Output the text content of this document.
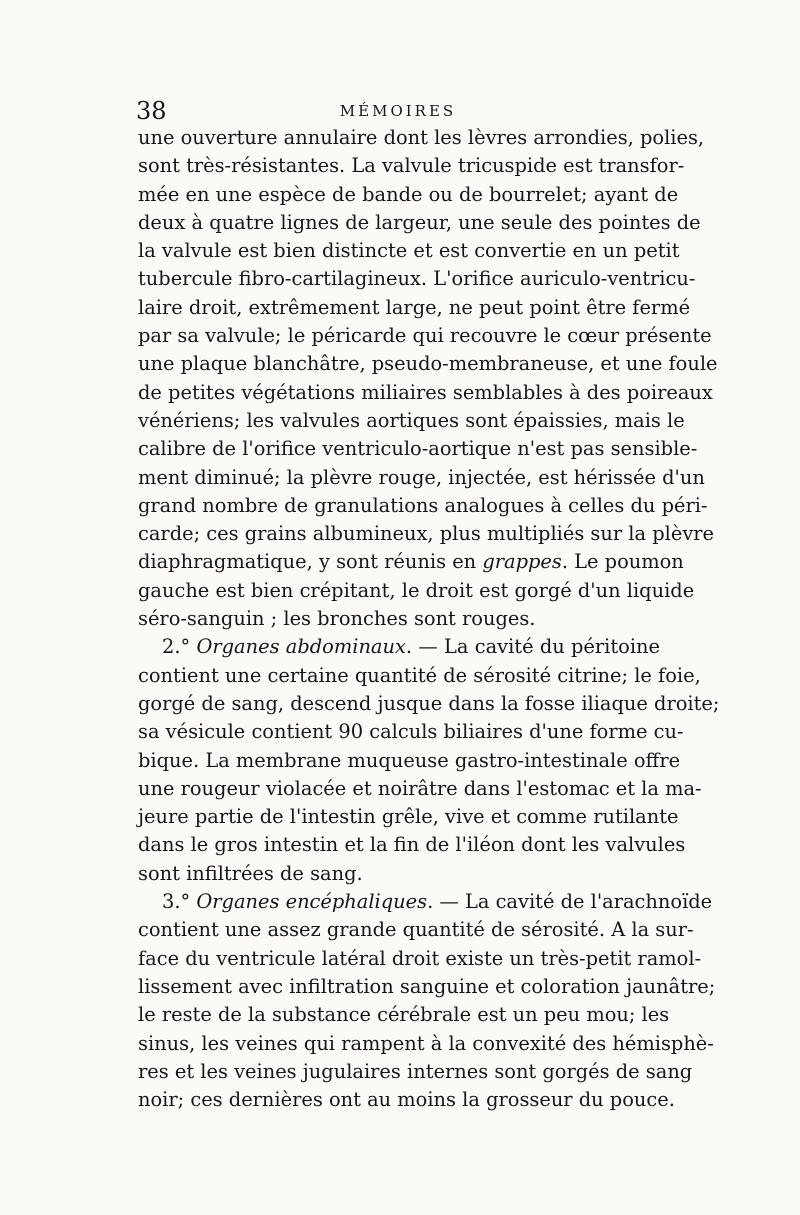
38	MÉMOIRES
une ouverture annulaire dont les lèvres arrondies, polies,
sont très-résistantes. La valvule tricuspide est transfor-
mée en une espèce de bande ou de bourrelet; ayant de
deux à quatre lignes de largeur, une seule des pointes de
la valvule est bien distincte et est convertie en un petit
tubercule fibro-cartilagineux. L'orifice auriculo-ventricu-
laire droit, extrêmement large, ne peut point être fermé
par sa valvule; le péricarde qui recouvre le cœur présente
une plaque blanchâtre, pseudo-membraneuse, et une foule
de petites végétations miliaires semblables à des poireaux
vénériens; les valvules aortiques sont épaissies, mais le
calibre de l'orifice ventriculo-aortique n'est pas sensible-
ment diminué; la plèvre rouge, injectée, est hérissée d'un
grand nombre de granulations analogues à celles du péri-
carde; ces grains albumineux, plus multipliés sur la plèvre
diaphragmatique, y sont réunis en grappes. Le poumon
gauche est bien crépitant, le droit est gorgé d'un liquide
séro-sanguin ; les bronches sont rouges.
2.° Organes abdominaux. — La cavité du péritoine
contient une certaine quantité de sérosité citrine; le foie,
gorgé de sang, descend jusque dans la fosse iliaque droite;
sa vésicule contient 90 calculs biliaires d'une forme cu-
bique. La membrane muqueuse gastro-intestinale offre
une rougeur violacée et noirâtre dans l'estomac et la ma-
jeure partie de l'intestin grêle, vive et comme rutilante
dans le gros intestin et la fin de l'iléon dont les valvules
sont infiltrées de sang.
3.° Organes encéphaliques. — La cavité de l'arachnoïde
contient une assez grande quantité de sérosité. A la sur-
face du ventricule latéral droit existe un très-petit ramol-
lissement avec infiltration sanguine et coloration jaunâtre;
le reste de la substance cérébrale est un peu mou; les
sinus, les veines qui rampent à la convexité des hémisphè-
res et les veines jugulaires internes sont gorgés de sang
noir; ces dernières ont au moins la grosseur du pouce.
